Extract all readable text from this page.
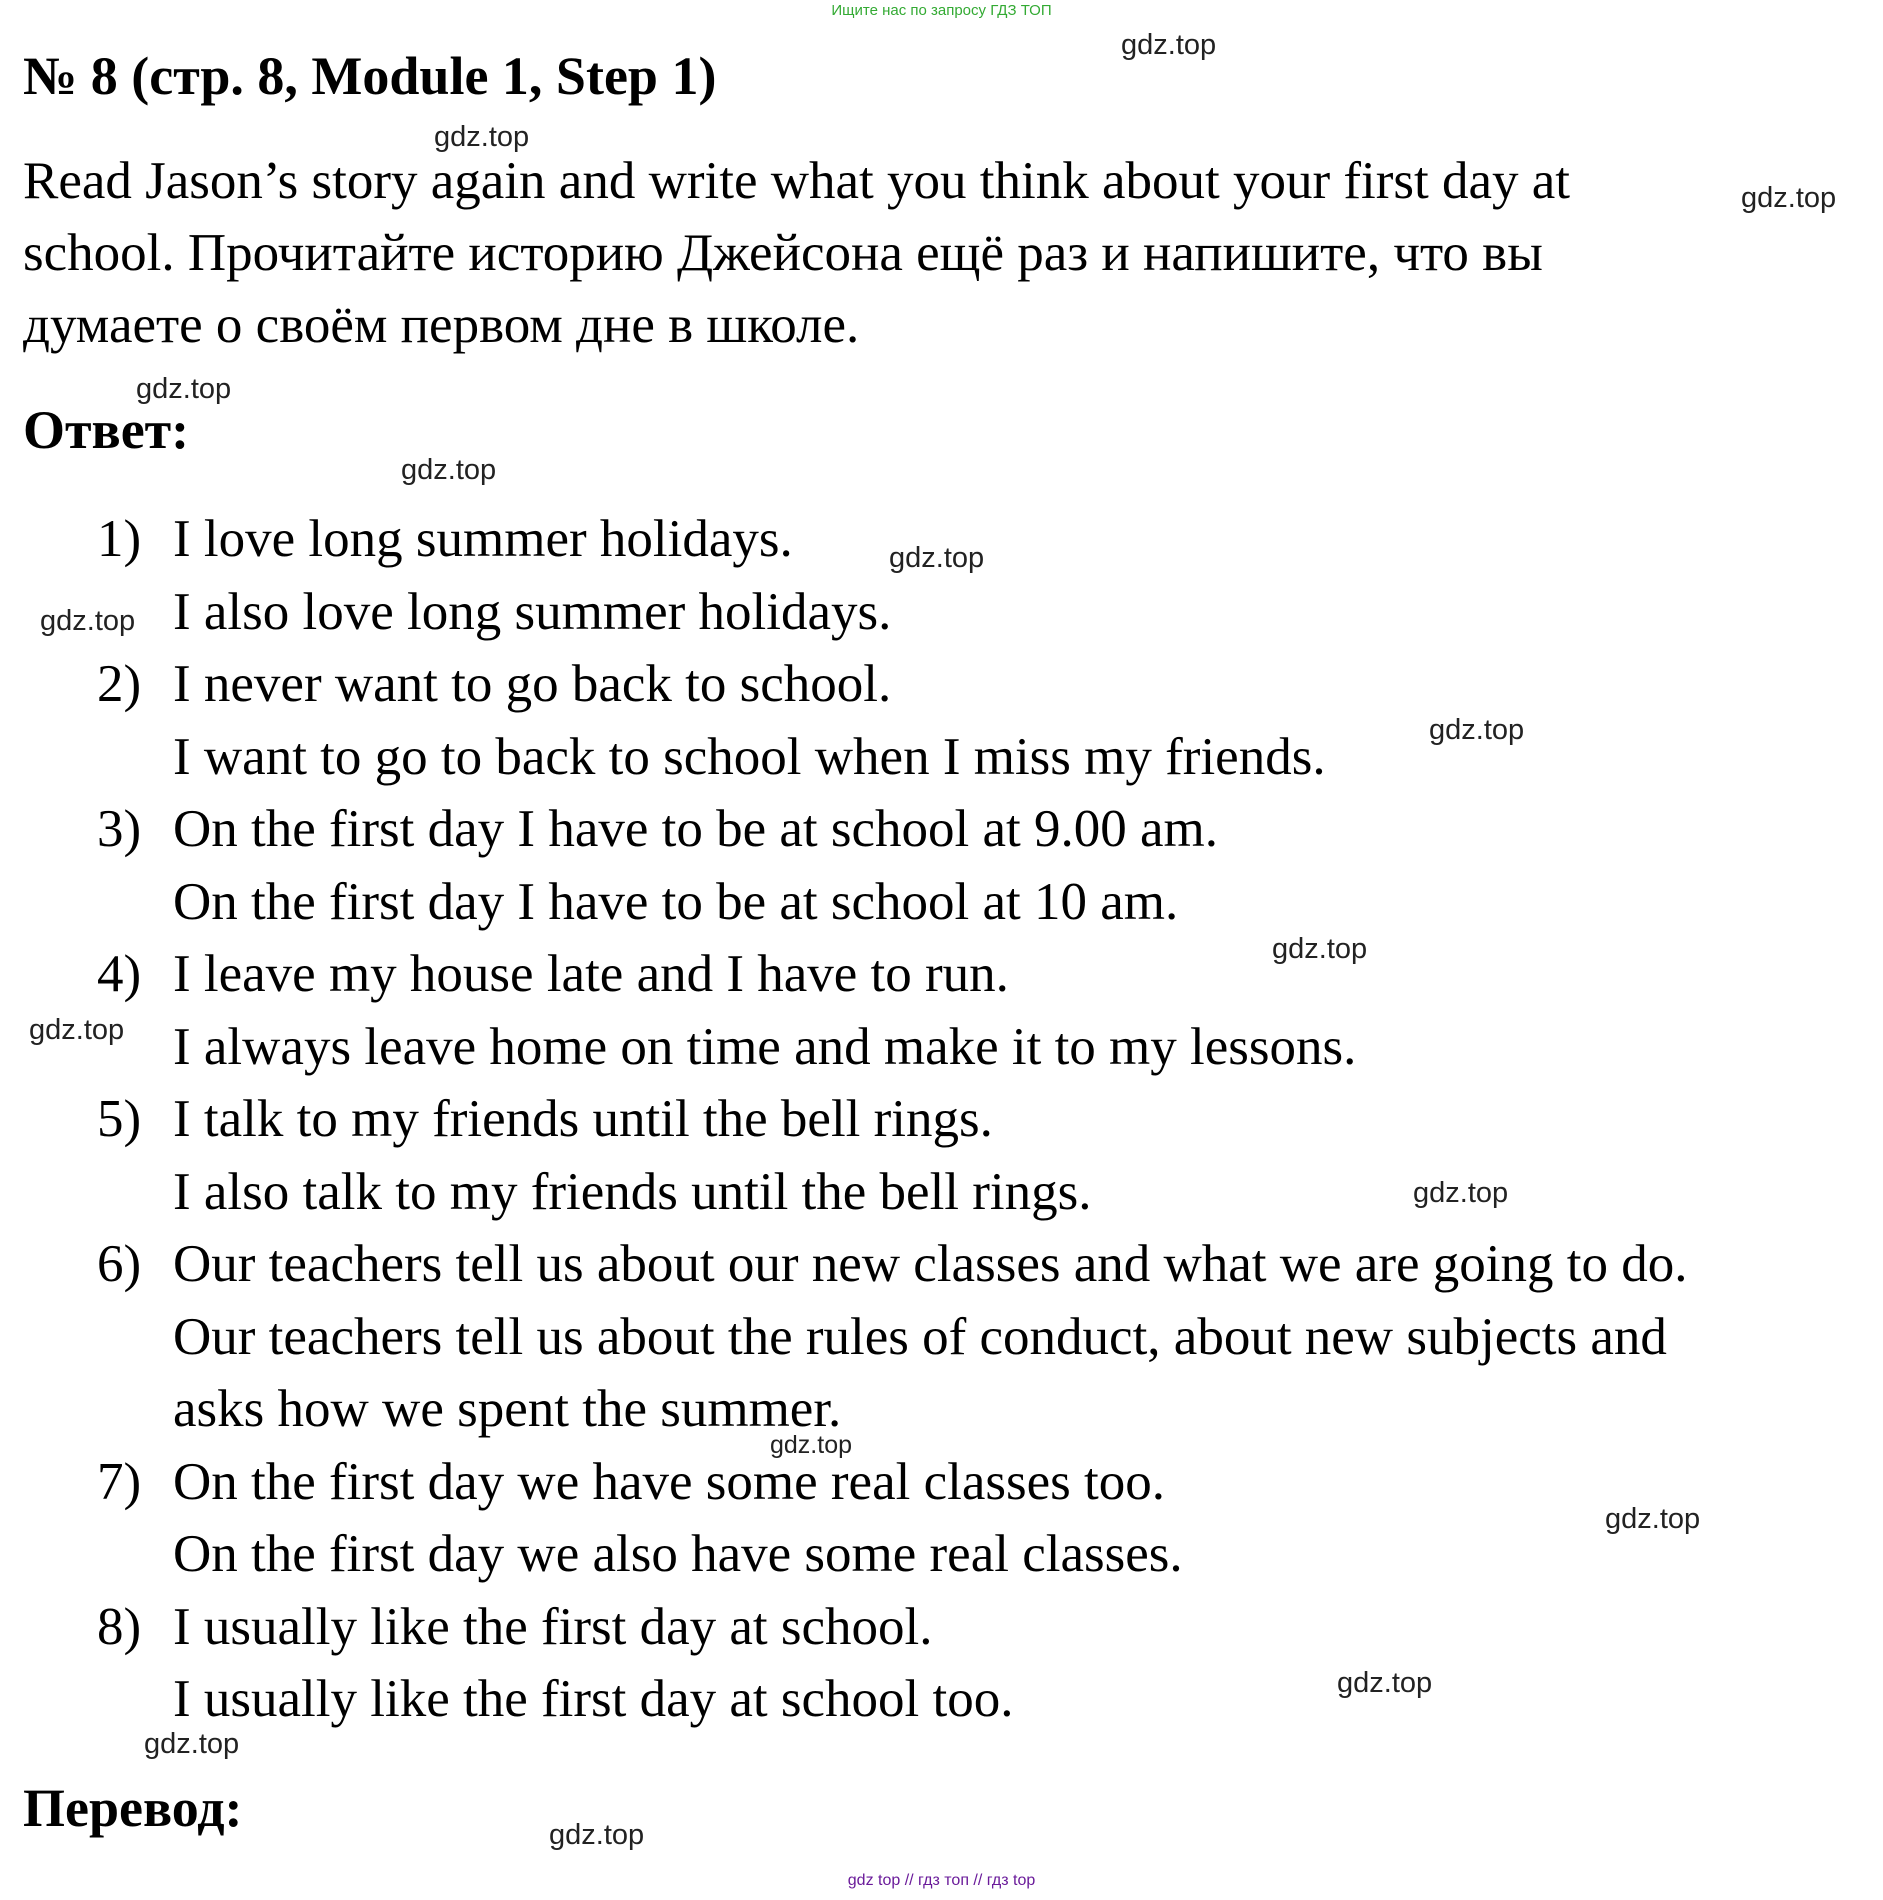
Ищите нас по запросу ГДЗ ТОП
№ 8 (стр. 8, Module 1, Step 1)
Read Jason’s story again and write what you think about your first day at
school. Прочитайте историю Джейсона ещё раз и напишите, что вы
думаете о своём первом дне в школе.
Ответ:
1) I love long summer holidays.
I also love long summer holidays.
2) I never want to go back to school.
I want to go to back to school when I miss my friends.
3) On the first day I have to be at school at 9.00 am.
On the first day I have to be at school at 10 am.
4) I leave my house late and I have to run.
I always leave home on time and make it to my lessons.
5) I talk to my friends until the bell rings.
I also talk to my friends until the bell rings.
6) Our teachers tell us about our new classes and what we are going to do.
Our teachers tell us about the rules of conduct, about new subjects and
asks how we spent the summer.
7) On the first day we have some real classes too.
On the first day we also have some real classes.
8) I usually like the first day at school.
I usually like the first day at school too.
Перевод:
gdz.top
gdz.top
gdz.top
gdz.top
gdz.top
gdz.top
gdz.top
gdz.top
gdz.top
gdz.top
gdz.top
gdz.top
gdz.top
gdz.top
gdz.top
gdz.top
gdz top // гдз топ // гдз top
